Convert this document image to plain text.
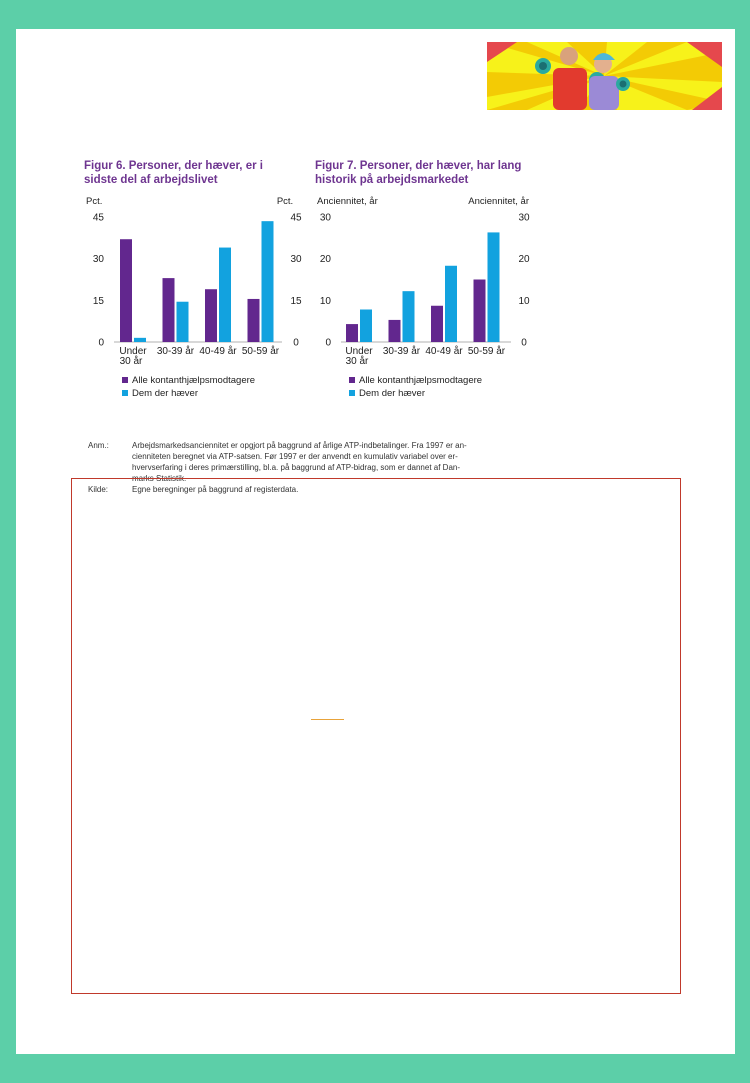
Figur 6. Personer, der hæver, er i sidste del af arbejdslivet
Pct.	Pct.
0	0
15	15
30	30
45	45
Under
30 år
30-39 år 40-49 år 50-59 år
Alle kontanthjælpsmodtagere
Dem der hæver
Figur 7. Personer, der hæver, har lang historik på arbejdsmarkedet
Anciennitet, år	Anciennitet, år
0	0
10	10
20	20
30	30
Under
30 år
30-39 år 40-49 år 50-59 år
Alle kontanthjælpsmodtagere
Dem der hæver
Anm.:	Arbejdsmarkedsanciennitet er opgjort på baggrund af årlige ATP-indbetalinger. Fra 1997 er an-
cienniteten beregnet via ATP-satsen. Før 1997 er der anvendt en kumulativ variabel over er-
hvervserfaring i deres primærstilling, bl.a. på baggrund af ATP-bidrag, som er dannet af Dan-
marks Statistik.
Kilde:	Egne beregninger på baggrund af registerdata.
